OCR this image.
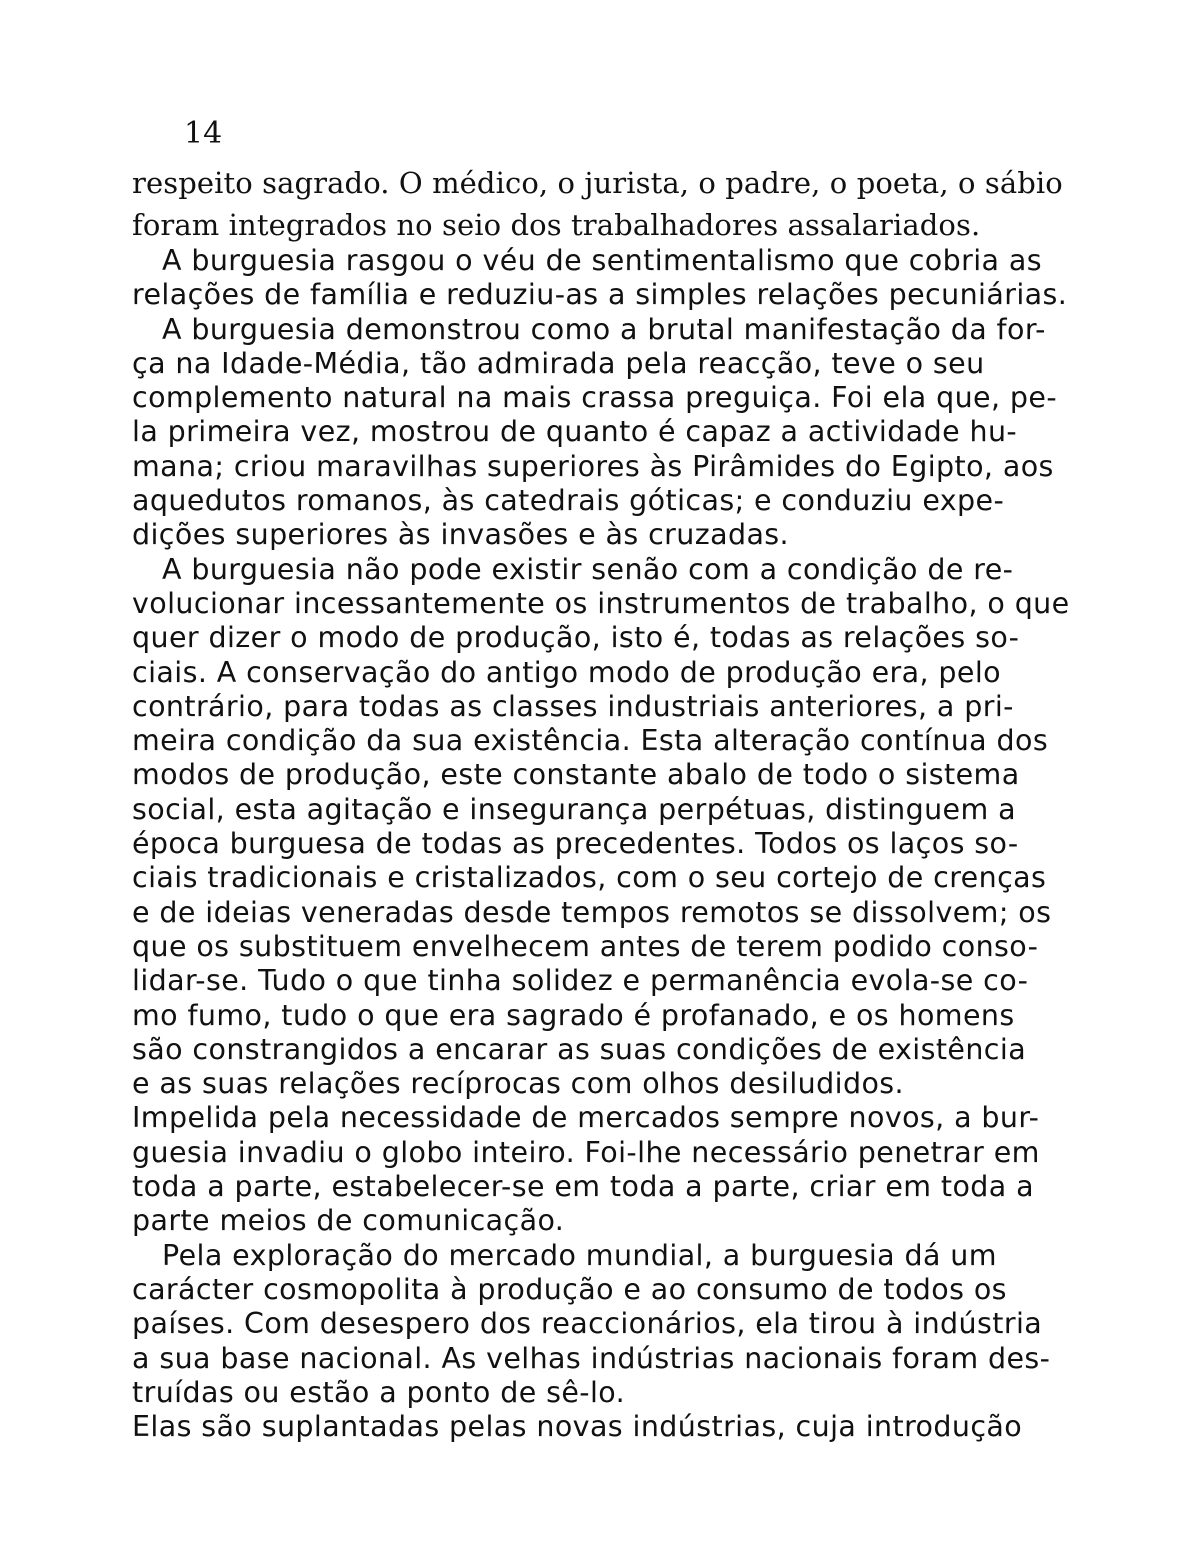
14

respeito sagrado. O médico, o jurista, o padre, o poeta, o sábio
foram integrados no seio dos trabalhadores assalariados.
A burguesia rasgou o véu de sentimentalismo que cobria as
relações de família e reduziu-as a simples relações pecuniárias.
A burguesia demonstrou como a brutal manifestação da for-
ça na Idade-Média, tão admirada pela reacção, teve o seu
complemento natural na mais crassa preguiça. Foi ela que, pe-
la primeira vez, mostrou de quanto é capaz a actividade hu-
mana; criou maravilhas superiores às Pirâmides do Egipto, aos
aquedutos romanos, às catedrais góticas; e conduziu expe-
dições superiores às invasões e às cruzadas.
A burguesia não pode existir senão com a condição de re-
volucionar incessantemente os instrumentos de trabalho, o que
quer dizer o modo de produção, isto é, todas as relações so-
ciais. A conservação do antigo modo de produção era, pelo
contrário, para todas as classes industriais anteriores, a pri-
meira condição da sua existência. Esta alteração contínua dos
modos de produção, este constante abalo de todo o sistema
social, esta agitação e insegurança perpétuas, distinguem a
época burguesa de todas as precedentes. Todos os laços so-
ciais tradicionais e cristalizados, com o seu cortejo de crenças
e de ideias veneradas desde tempos remotos se dissolvem; os
que os substituem envelhecem antes de terem podido conso-
lidar-se. Tudo o que tinha solidez e permanência evola-se co-
mo fumo, tudo o que era sagrado é profanado, e os homens
são constrangidos a encarar as suas condições de existência
e as suas relações recíprocas com olhos desiludidos.
Impelida pela necessidade de mercados sempre novos, a bur-
guesia invadiu o globo inteiro. Foi-lhe necessário penetrar em
toda a parte, estabelecer-se em toda a parte, criar em toda a
parte meios de comunicação.
Pela exploração do mercado mundial, a burguesia dá um
carácter cosmopolita à produção e ao consumo de todos os
países. Com desespero dos reaccionários, ela tirou à indústria
a sua base nacional. As velhas indústrias nacionais foram des-
truídas ou estão a ponto de sê-lo.
Elas são suplantadas pelas novas indústrias, cuja introdução
